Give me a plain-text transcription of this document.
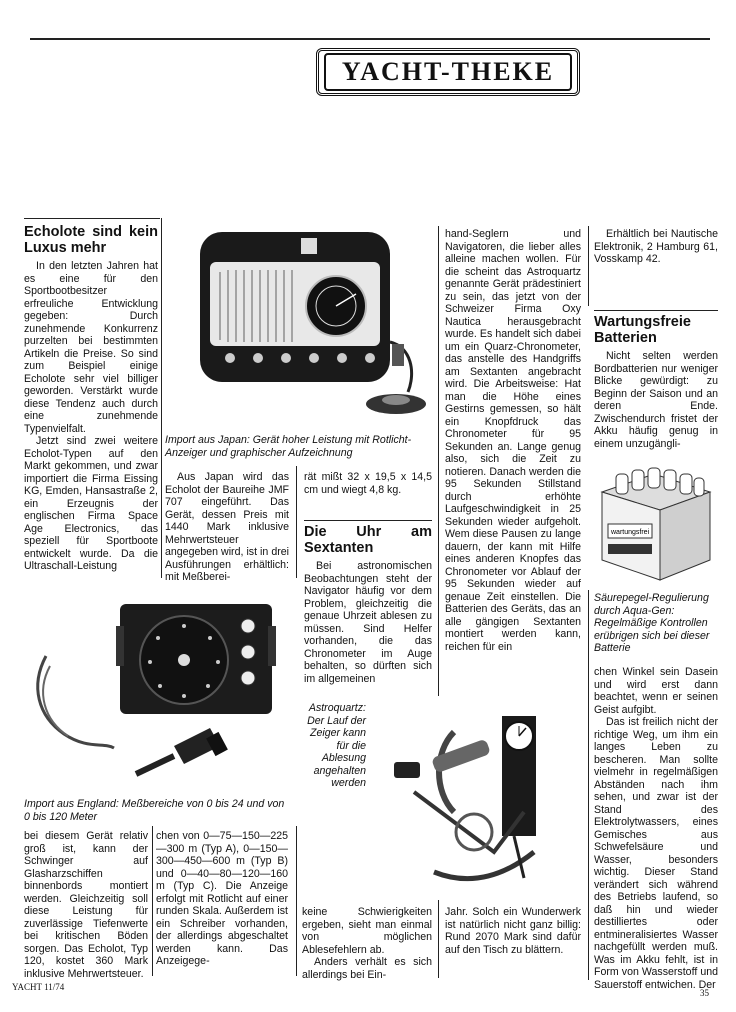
YACHT-THEKE
Echolote sind kein Luxus mehr

In den letzten Jahren hat es eine für den Sportbootbesitzer erfreuliche Entwicklung gegeben: Durch zunehmende Konkurrenz purzelten bei bestimmten Artikeln die Preise. So sind zum Beispiel einige Echolote sehr viel billiger geworden. Verstärkt wurde diese Tendenz auch durch eine zunehmende Typenvielfalt.

Jetzt sind zwei weitere Echolot-Typen auf den Markt gekommen, und zwar importiert die Firma Eissing KG, Emden, Hansastraße 2, ein Erzeugnis der englischen Firma Space Age Electronics, das speziell für Sportboote entwickelt wurde. Da die Ultraschall-Leistung

Import aus Japan: Gerät hoher Leistung mit Rotlicht-Anzeiger und graphischer Aufzeichnung

Aus Japan wird das Echolot der Baureihe JMF 707 eingeführt. Das Gerät, dessen Preis mit 1440 Mark inklusive Mehrwertsteuer angegeben wird, ist in drei Ausführungen erhältlich: mit Meßberei-

rät mißt 32 x 19,5 x 14,5 cm und wiegt 4,8 kg.
Die Uhr am Sextanten

Bei astronomischen Beobachtungen steht der Navigator häufig vor dem Problem, gleichzeitig die genaue Uhrzeit ablesen zu müssen. Sind Helfer vorhanden, die das Chronometer im Auge behalten, so dürften sich im allgemeinen

hand-Seglern und Navigatoren, die lieber alles alleine machen wollen. Für die scheint das Astroquartz genannte Gerät prädestiniert zu sein, das jetzt von der Schweizer Firma Oxy Nautica herausgebracht wurde. Es handelt sich dabei um ein Quarz-Chronometer, das anstelle des Handgriffs am Sextanten angebracht wird. Die Arbeitsweise: Hat man die Höhe eines Gestirns gemessen, so hält ein Knopfdruck das Chronometer für 95 Sekunden an. Lange genug also, sich die Zeit zu notieren. Danach werden die 95 Sekunden Stillstand durch erhöhte Laufgeschwindigkeit in 25 Sekunden wieder aufgeholt. Wem diese Pausen zu lange dauern, der kann mit Hilfe eines anderen Knopfes das Chronometer vor Ablauf der 95 Sekunden wieder auf genaue Zeit einstellen. Die Batterien des Geräts, das an alle gängigen Sextanten montiert werden kann, reichen für ein

Erhältlich bei Nautische Elektronik, 2 Hamburg 61, Vosskamp 42.

Wartungsfreie Batterien

Nicht selten werden Bordbatterien nur weniger Blicke gewürdigt: zu Beginn der Saison und an deren Ende. Zwischendurch fristet der Akku häufig genug in einem unzugängli-

wartungsfrei
Säurepegel-Regulierung durch Aqua-Gen: Regelmäßige Kontrollen erübrigen sich bei dieser Batterie
chen Winkel sein Dasein und wird erst dann beachtet, wenn er seinen Geist aufgibt.

Das ist freilich nicht der richtige Weg, um ihm ein langes Leben zu bescheren. Man sollte vielmehr in regelmäßigen Abständen nach ihm sehen, und zwar ist der Stand des Elektrolytwassers, eines Gemisches aus Schwefelsäure und Wasser, besonders wichtig. Dieser Stand verändert sich während des Betriebs laufend, so daß hin und wieder destilliertes oder entmineralisiertes Wasser nachgefüllt werden muß. Was im Akku fehlt, ist in Form von Wasserstoff und Sauerstoff entwichen. Der

Import aus England: Meßbereiche von 0 bis 24 und von 0 bis 120 Meter
Astroquartz: Der Lauf der Zeiger kann für die Ablesung angehalten werden
bei diesem Gerät relativ groß ist, kann der Schwinger auf Glasharzschiffen binnenbords montiert werden. Gleichzeitig soll diese Leistung für zuverlässige Tiefenwerte bei kritischen Böden sorgen. Das Echolot, Typ 120, kostet 360 Mark inklusive Mehrwertsteuer.
chen von 0—75—150—225—300 m (Typ A), 0—150—300—450—600 m (Typ B) und 0—40—80—120—160 m (Typ C). Die Anzeige erfolgt mit Rotlicht auf einer runden Skala. Außerdem ist ein Schreiber vorhanden, der allerdings abgeschaltet werden kann. Das Anzeigege-
keine Schwierigkeiten ergeben, sieht man einmal von möglichen Ablesefehlern ab.

Anders verhält es sich allerdings bei Ein-

Jahr. Solch ein Wunderwerk ist natürlich nicht ganz billig: Rund 2070 Mark sind dafür auf den Tisch zu blättern.
YACHT 11/74
35
